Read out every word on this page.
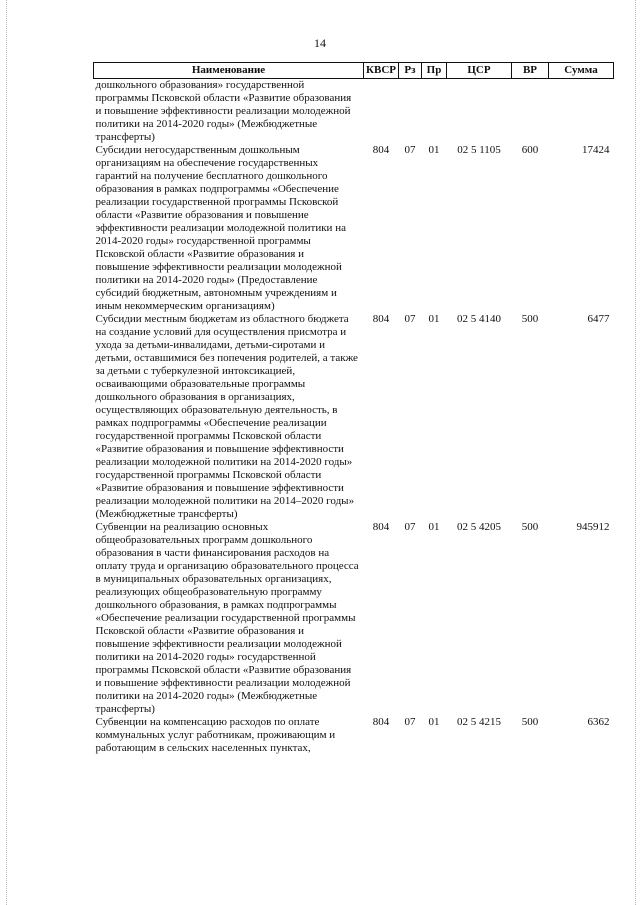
14
Наименование	КВСР	Рз	Пр	ЦСР	ВР	Сумма
дошкольного образования» государственной программы Псковской области «Развитие образования и повышение эффективности реализации молодежной политики на 2014-2020 годы» (Межбюджетные трансферты)						
Субсидии негосударственным дошкольным организациям на обеспечение государственных гарантий на получение бесплатного дошкольного образования в рамках подпрограммы «Обеспечение реализации государственной программы Псковской области «Развитие образования и повышение эффективности реализации молодежной политики на 2014-2020 годы» государственной программы Псковской области «Развитие образования и повышение эффективности реализации молодежной политики на 2014-2020 годы» (Предоставление субсидий бюджетным, автономным учреждениям и иным некоммерческим организациям)	804	07	01	02 5 1105	600	17424
Субсидии местным бюджетам из областного бюджета на создание условий для осуществления присмотра и ухода за детьми-инвалидами, детьми-сиротами и детьми, оставшимися без попечения родителей, а также за детьми с туберкулезной интоксикацией, осваивающими образовательные программы дошкольного образования в организациях, осуществляющих образовательную деятельность, в рамках подпрограммы «Обеспечение реализации государственной программы Псковской области «Развитие образования и повышение эффективности реализации молодежной политики на 2014-2020 годы» государственной программы Псковской области «Развитие образования и повышение эффективности реализации молодежной политики на 2014–2020 годы» (Межбюджетные трансферты)	804	07	01	02 5 4140	500	6477
Субвенции на реализацию основных общеобразовательных программ дошкольного образования в части финансирования расходов на оплату труда и организацию образовательного процесса в муниципальных образовательных организациях, реализующих общеобразовательную программу дошкольного образования, в рамках подпрограммы «Обеспечение реализации государственной программы Псковской области «Развитие образования и повышение эффективности реализации молодежной политики на 2014-2020 годы» государственной программы Псковской области «Развитие образования и повышение эффективности реализации молодежной политики на 2014-2020 годы» (Межбюджетные трансферты)	804	07	01	02 5 4205	500	945912
Субвенции на компенсацию расходов по оплате коммунальных услуг работникам, проживающим и работающим в сельских населенных пунктах,	804	07	01	02 5 4215	500	6362
